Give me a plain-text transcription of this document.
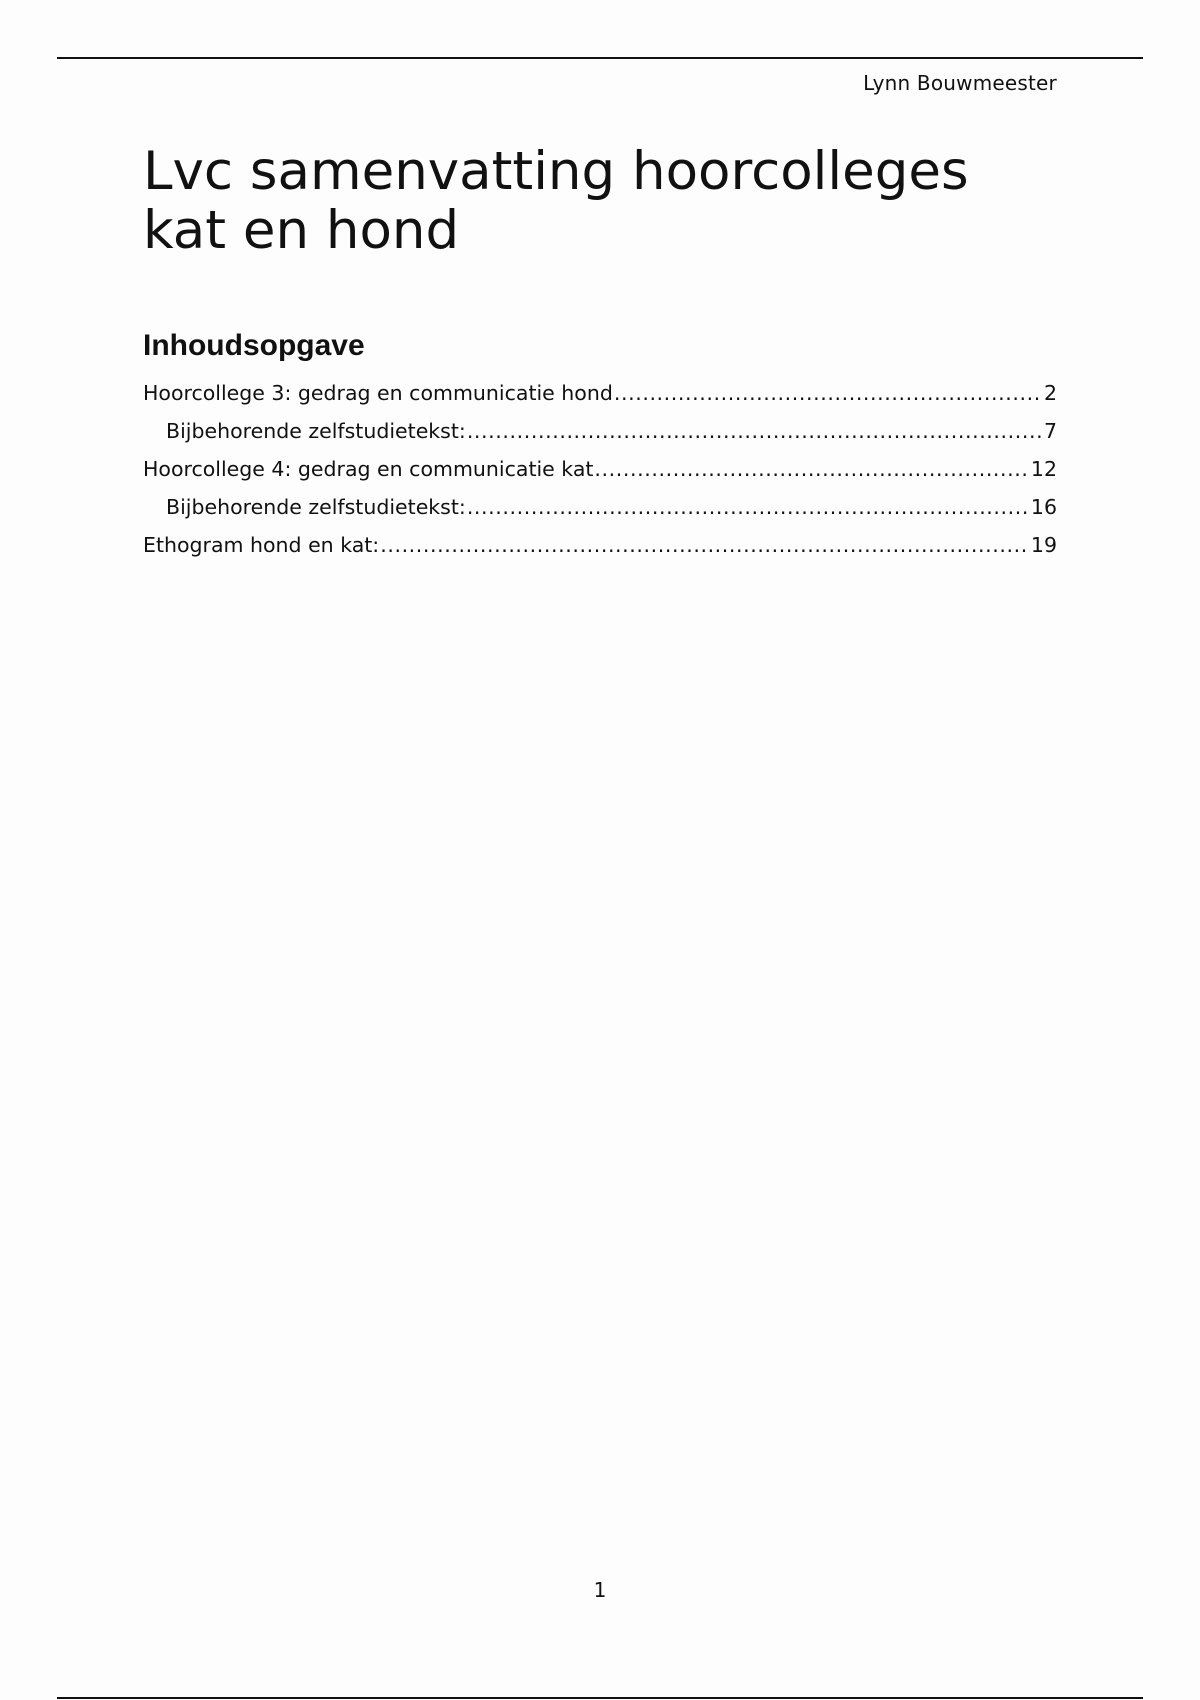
Lynn Bouwmeester
Lvc samenvatting hoorcolleges kat en hond
Inhoudsopgave
Hoorcollege 3: gedrag en communicatie hond .....	2
Bijbehorende zelfstudietekst: .....	7
Hoorcollege 4: gedrag en communicatie kat .....	12
Bijbehorende zelfstudietekst: .....	16
Ethogram hond en kat: .....	19
1
